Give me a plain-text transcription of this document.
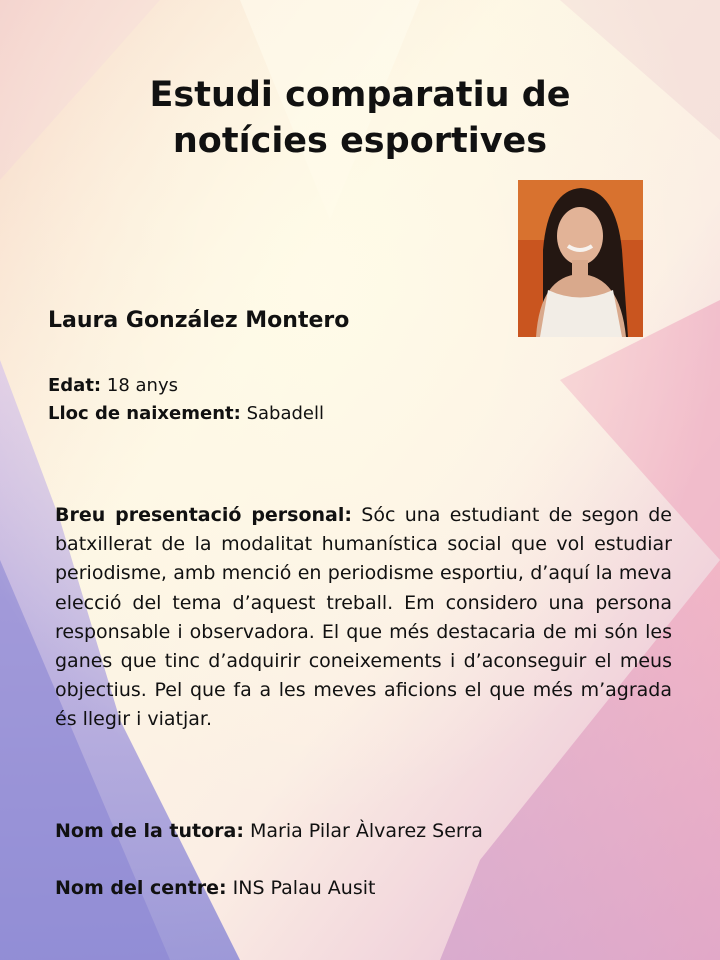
Estudi comparatiu de
notícies esportives
Laura González Montero
Edat: 18 anys
Lloc de naixement: Sabadell
Breu presentació personal: Sóc una estudiant de segon de batxillerat de la modalitat humanística social que vol estudiar periodisme, amb menció en periodisme esportiu, d’aquí la meva elecció del tema d’aquest treball. Em considero una persona responsable i observadora. El que més destacaria de mi són les ganes que tinc d’adquirir coneixements i d’aconseguir el meus objectius. Pel que fa a les meves aficions el que més m’agrada és llegir i viatjar.
Nom de la tutora: Maria Pilar Àlvarez Serra
Nom del centre: INS Palau Ausit
